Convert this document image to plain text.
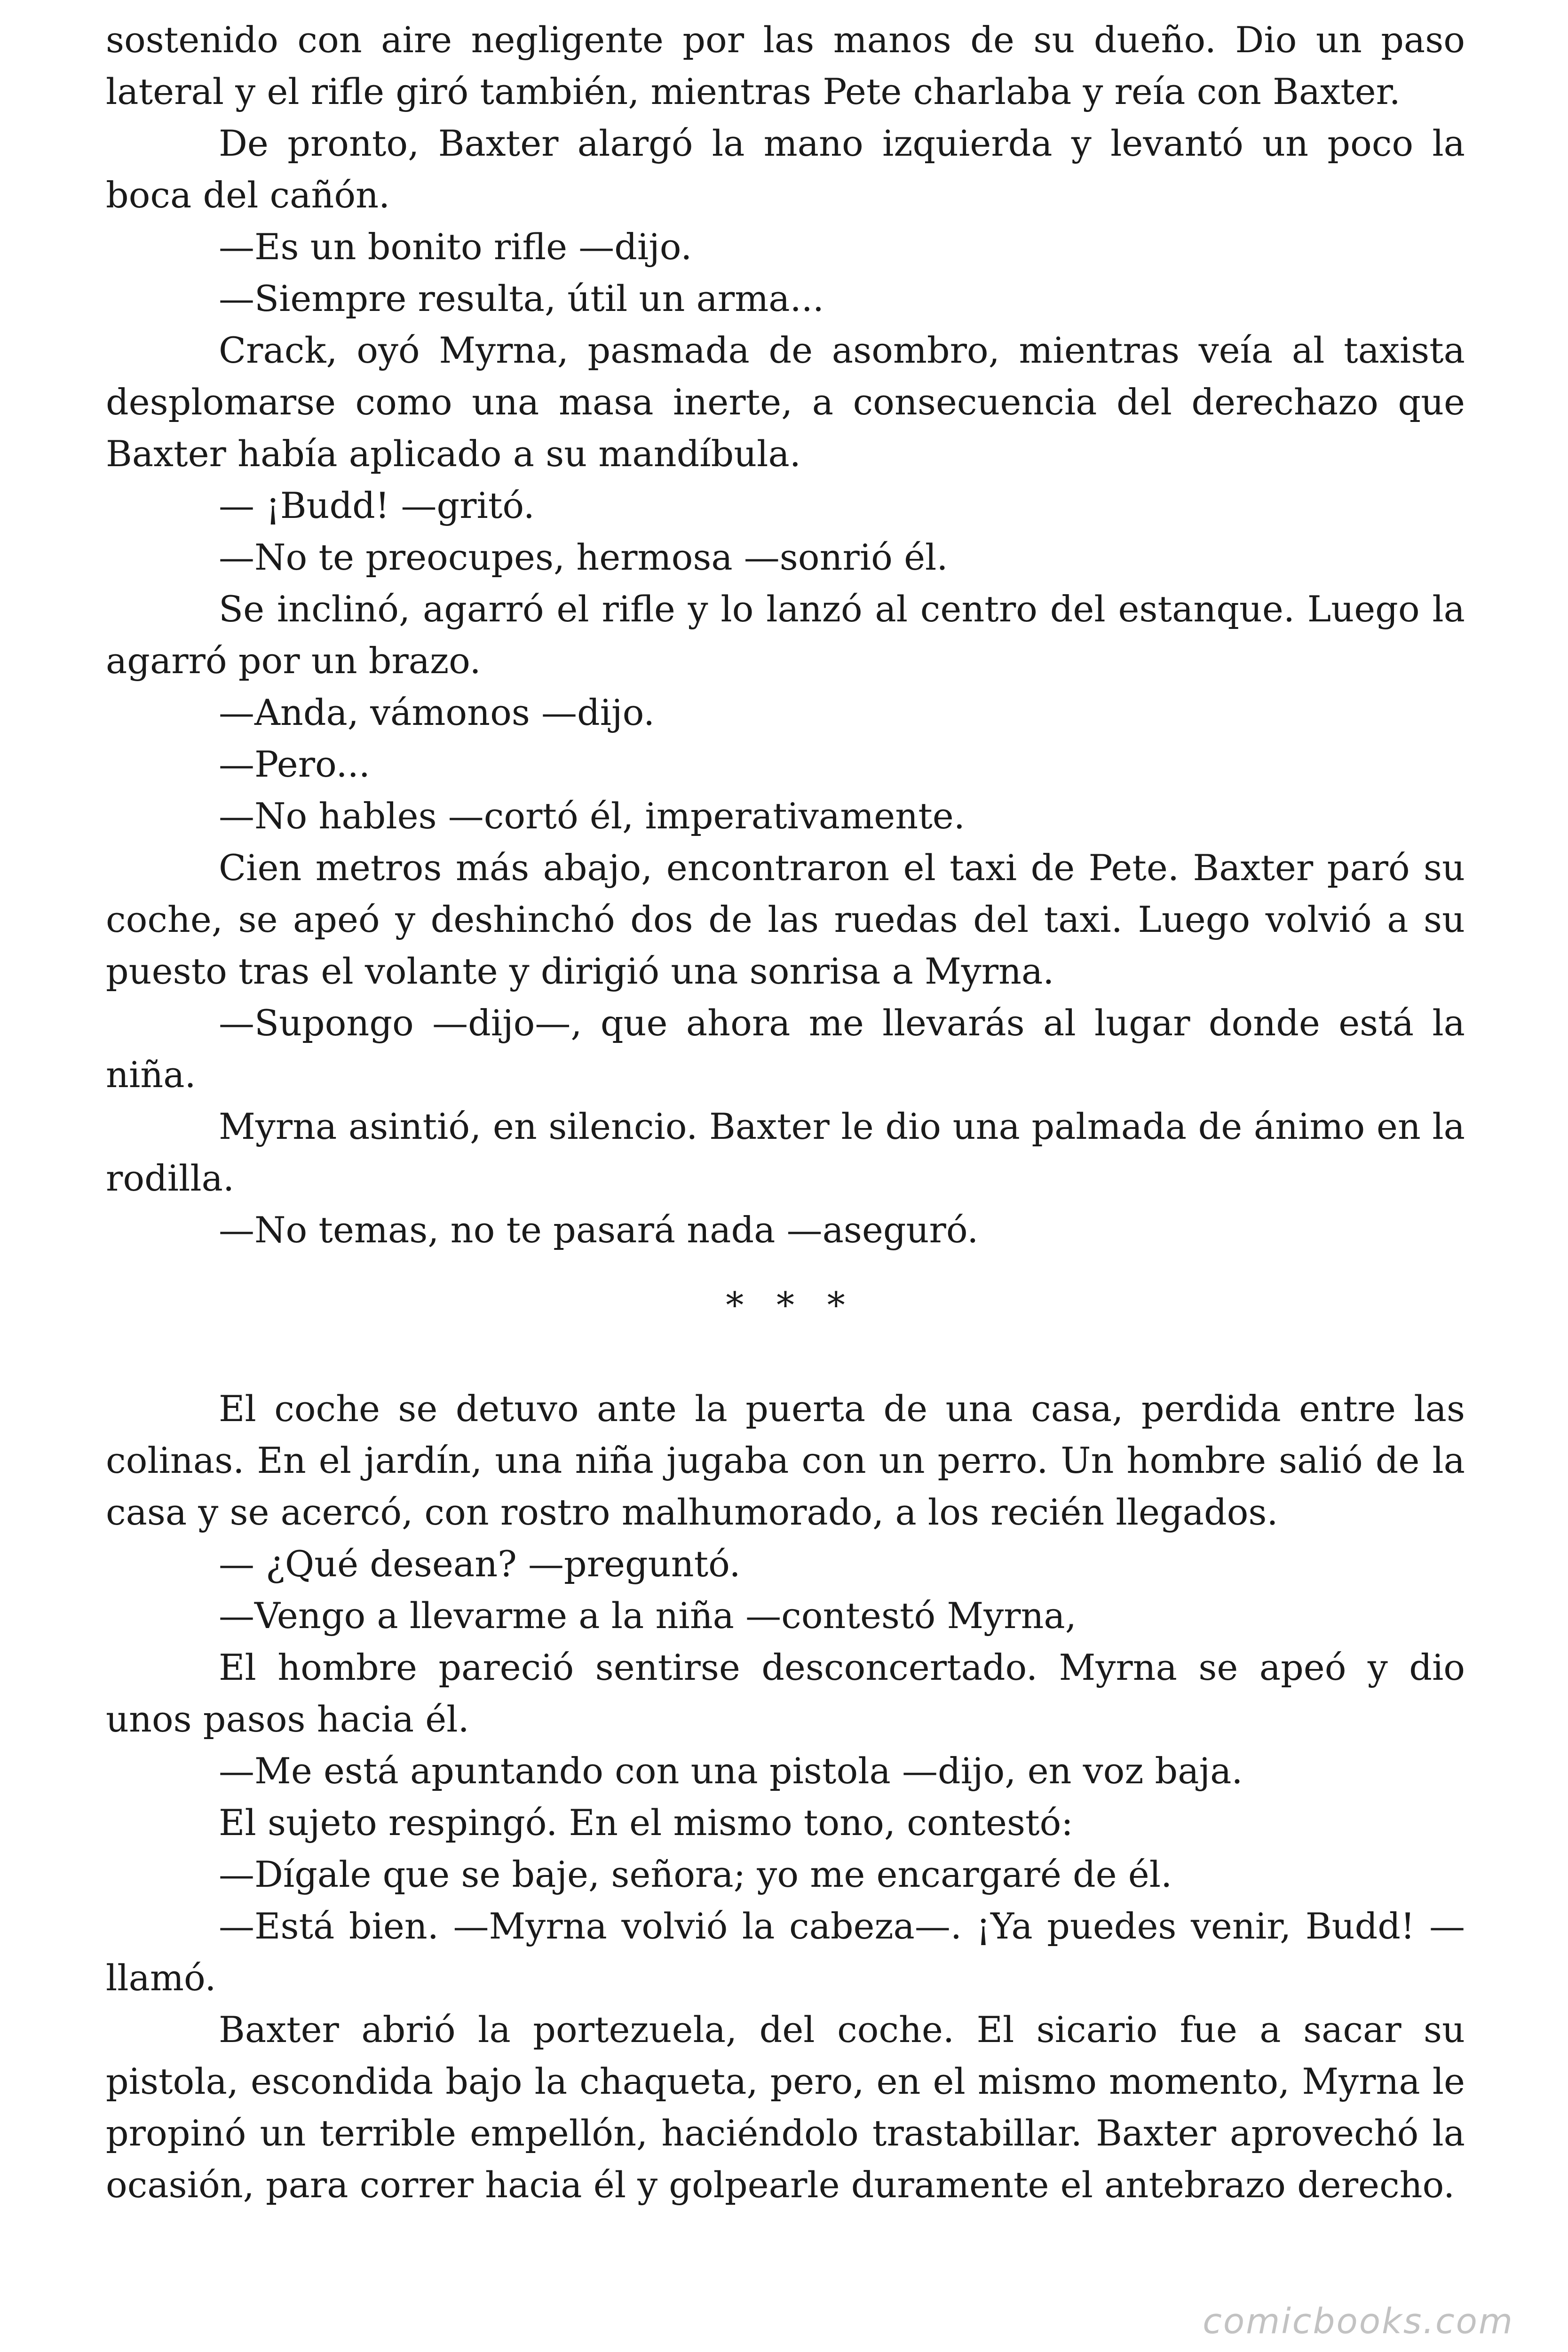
sostenido con aire negligente por las manos de su dueño. Dio un paso lateral y el rifle giró también, mientras Pete charlaba y reía con Baxter.

De pronto, Baxter alargó la mano izquierda y levantó un poco la boca del cañón.

—Es un bonito rifle —dijo.

—Siempre resulta, útil un arma...

Crack, oyó Myrna, pasmada de asombro, mientras veía al taxista desplomarse como una masa inerte, a consecuencia del derechazo que Baxter había aplicado a su mandíbula.

— ¡Budd! —gritó.

—No te preocupes, hermosa —sonrió él.

Se inclinó, agarró el rifle y lo lanzó al centro del estanque. Luego la agarró por un brazo.

—Anda, vámonos —dijo.

—Pero...

—No hables —cortó él, imperativamente.

Cien metros más abajo, encontraron el taxi de Pete. Baxter paró su coche, se apeó y deshinchó dos de las ruedas del taxi. Luego volvió a su puesto tras el volante y dirigió una sonrisa a Myrna.

—Supongo —dijo—, que ahora me llevarás al lugar donde está la niña.

Myrna asintió, en silencio. Baxter le dio una palmada de ánimo en la rodilla.

—No temas, no te pasará nada —aseguró.

* * *

El coche se detuvo ante la puerta de una casa, perdida entre las colinas. En el jardín, una niña jugaba con un perro. Un hombre salió de la casa y se acercó, con rostro malhumorado, a los recién llegados.

— ¿Qué desean? —preguntó.

—Vengo a llevarme a la niña —contestó Myrna,

El hombre pareció sentirse desconcertado. Myrna se apeó y dio unos pasos hacia él.

—Me está apuntando con una pistola —dijo, en voz baja.

El sujeto respingó. En el mismo tono, contestó:

—Dígale que se baje, señora; yo me encargaré de él.

—Está bien. —Myrna volvió la cabeza—. ¡Ya puedes venir, Budd! —llamó.

Baxter abrió la portezuela, del coche. El sicario fue a sacar su pistola, escondida bajo la chaqueta, pero, en el mismo momento, Myrna le propinó un terrible empellón, haciéndolo trastabillar. Baxter aprovechó la ocasión, para correr hacia él y golpearle duramente el antebrazo derecho.

comicbooks.com
